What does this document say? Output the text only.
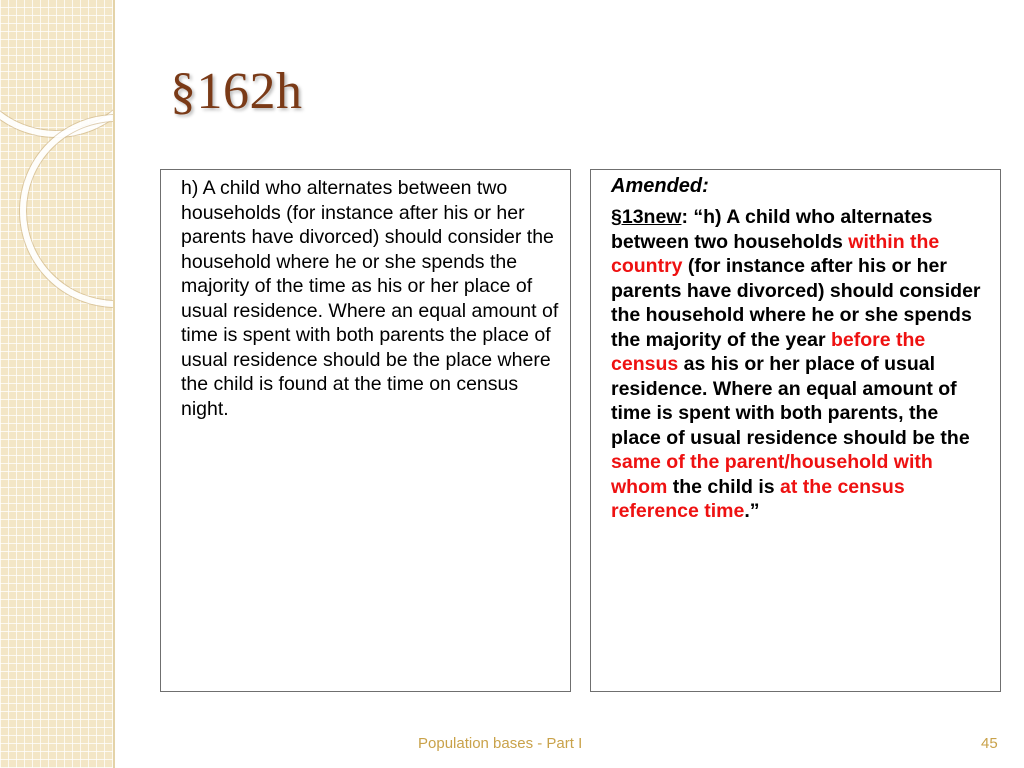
§162h

h) A child who alternates between two households (for instance after his or her parents have divorced) should consider the household where he or she spends the majority of the time as his or her place of usual residence. Where an equal amount of time is spent with both parents the place of usual residence should be the place where the child is found at the time on census night.

Amended:

§13new: “h) A child who alternates between two households within the country (for instance after his or her parents have divorced) should consider the household where he or she spends the majority of the year before the census as his or her place of usual residence. Where an equal amount of time is spent with both parents, the place of usual residence should be the same of the parent/household with whom the child is at the census reference time.”

Population bases - Part I	45
